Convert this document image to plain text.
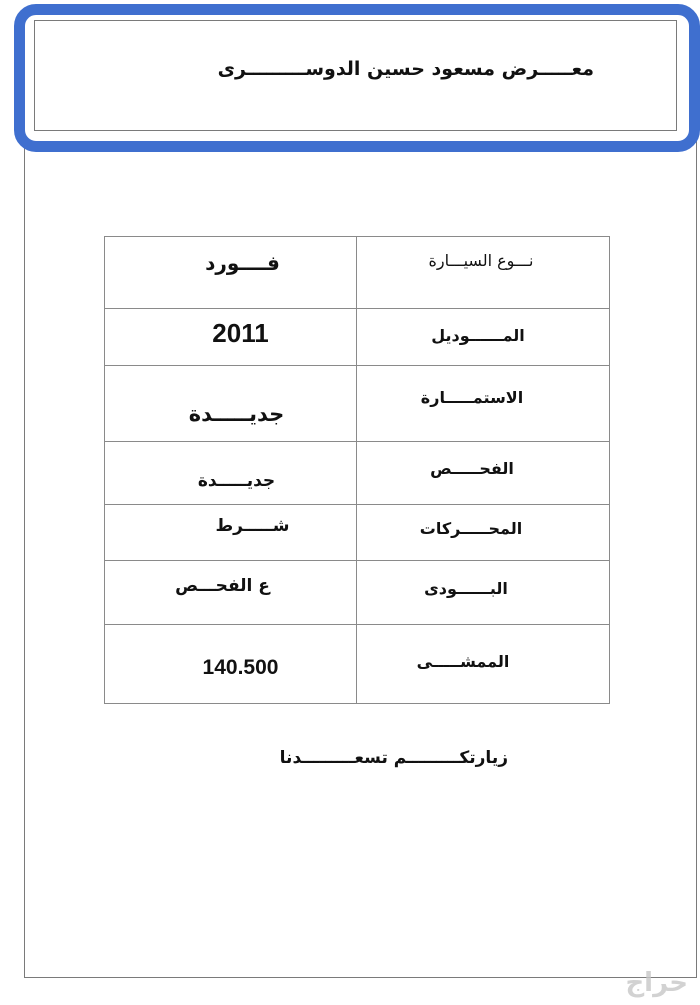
معـــــرض مسعود حسين الدوســـــــــرى
فــــورد	نـــوع السيـــارة
2011	المــــــوديل
جديـــــدة	الاستمـــــارة
جديـــــدة	الفحـــــص
شـــــرط	المحـــــركات
ع الفحـــص	البــــــودى
140.500	الممشـــــى
زيارتكـــــــــم تسعـــــــــدنا
حراج
